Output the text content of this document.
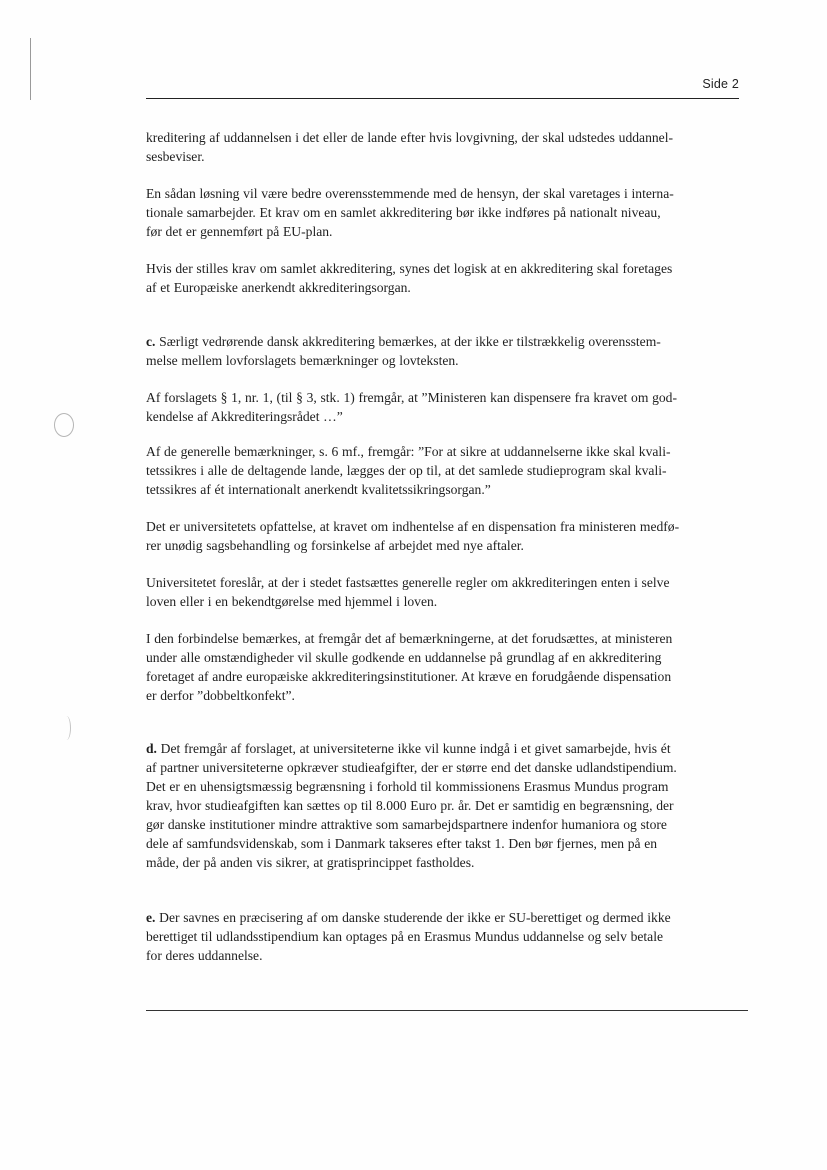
Side 2

kreditering af uddannelsen i det eller de lande efter hvis lovgivning, der skal udstedes uddannel-
sesbeviser.

En sådan løsning vil være bedre overensstemmende med de hensyn, der skal varetages i interna-
tionale samarbejder. Et krav om en samlet akkreditering bør ikke indføres på nationalt niveau,
før det er gennemført på EU-plan.

Hvis der stilles krav om samlet akkreditering, synes det logisk at en akkreditering skal foretages
af et Europæiske anerkendt akkrediteringsorgan.

c. Særligt vedrørende dansk akkreditering bemærkes, at der ikke er tilstrækkelig overensstem-
melse mellem lovforslagets bemærkninger og lovteksten.

Af forslagets § 1, nr. 1, (til § 3, stk. 1) fremgår, at ”Ministeren kan dispensere fra kravet om god-
kendelse af Akkrediteringsrådet …”

Af de generelle bemærkninger, s. 6 mf., fremgår: ”For at sikre at uddannelserne ikke skal kvali-
tetssikres i alle de deltagende lande, lægges der op til, at det samlede studieprogram skal kvali-
tetssikres af ét internationalt anerkendt kvalitetssikringsorgan.”

Det er universitetets opfattelse, at kravet om indhentelse af en dispensation fra ministeren medfø-
rer unødig sagsbehandling og forsinkelse af arbejdet med nye aftaler.

Universitetet foreslår, at der i stedet fastsættes generelle regler om akkrediteringen enten i selve
loven eller i en bekendtgørelse med hjemmel i loven.

I den forbindelse bemærkes, at fremgår det af bemærkningerne, at det forudsættes, at ministeren
under alle omstændigheder vil skulle godkende en uddannelse på grundlag af en akkreditering
foretaget af andre europæiske akkrediteringsinstitutioner. At kræve en forudgående dispensation
er derfor ”dobbeltkonfekt”.

d. Det fremgår af forslaget, at universiteterne ikke vil kunne indgå i et givet samarbejde, hvis ét
af partner universiteterne opkræver studieafgifter, der er større end det danske udlandstipendium.
Det er en uhensigtsmæssig begrænsning i forhold til kommissionens Erasmus Mundus program
krav, hvor studieafgiften kan sættes op til 8.000 Euro pr. år. Det er samtidig en begrænsning, der
gør danske institutioner mindre attraktive som samarbejdspartnere indenfor humaniora og store
dele af samfundsvidenskab, som i Danmark takseres efter takst 1. Den bør fjernes, men på en
måde, der på anden vis sikrer, at gratisprincippet fastholdes.

e. Der savnes en præcisering af om danske studerende der ikke er SU-berettiget og dermed ikke
berettiget til udlandsstipendium kan optages på en Erasmus Mundus uddannelse og selv betale
for deres uddannelse.
